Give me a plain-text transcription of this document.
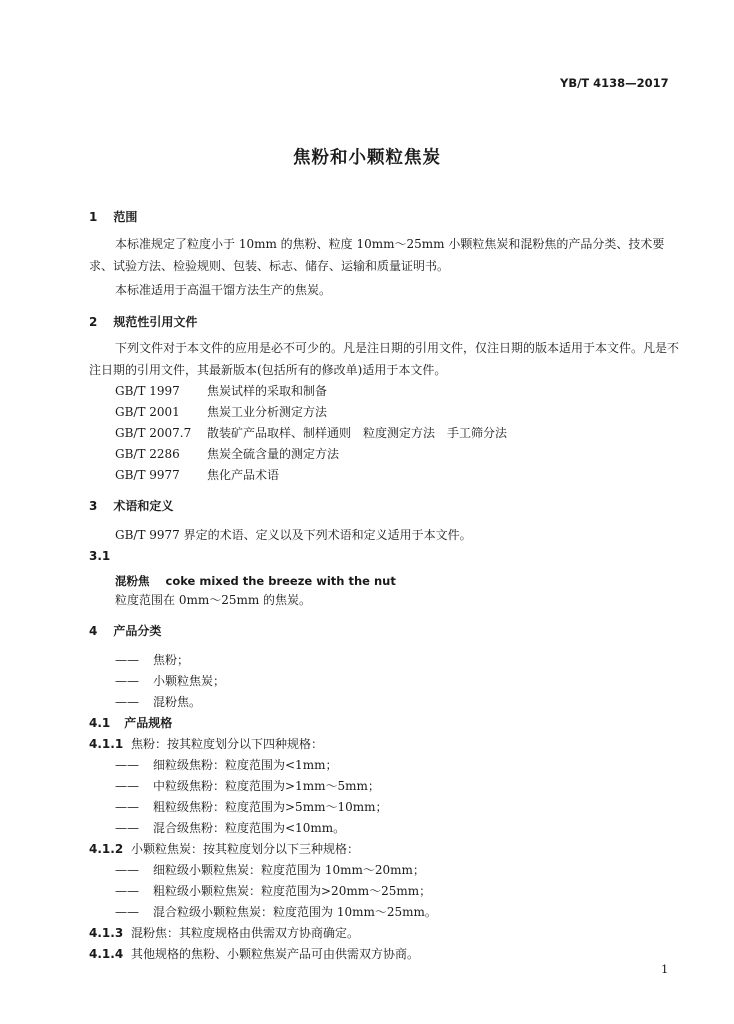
YB/T 4138—2017
焦粉和小颗粒焦炭
1 范围
本标准规定了粒度小于 10mm 的焦粉、粒度 10mm～25mm 小颗粒焦炭和混粉焦的产品分类、技术要求、试验方法、检验规则、包装、标志、储存、运输和质量证明书。
本标准适用于高温干馏方法生产的焦炭。
2 规范性引用文件
下列文件对于本文件的应用是必不可少的。凡是注日期的引用文件，仅注日期的版本适用于本文件。凡是不注日期的引用文件，其最新版本(包括所有的修改单)适用于本文件。
GB/T 1997 焦炭试样的采取和制备
GB/T 2001 焦炭工业分析测定方法
GB/T 2007.7 散装矿产品取样、制样通则　粒度测定方法　手工筛分法
GB/T 2286 焦炭全硫含量的测定方法
GB/T 9977 焦化产品术语
3 术语和定义
GB/T 9977 界定的术语、定义以及下列术语和定义适用于本文件。
3.1
混粉焦 coke mixed the breeze with the nut
粒度范围在 0mm～25mm 的焦炭。
4 产品分类
—— 焦粉；
—— 小颗粒焦炭；
—— 混粉焦。
4.1 产品规格
4.1.1 焦粉：按其粒度划分以下四种规格：
—— 细粒级焦粉：粒度范围为<1mm；
—— 中粒级焦粉：粒度范围为>1mm～5mm；
—— 粗粒级焦粉：粒度范围为>5mm～10mm；
—— 混合级焦粉：粒度范围为<10mm。
4.1.2 小颗粒焦炭：按其粒度划分以下三种规格：
—— 细粒级小颗粒焦炭：粒度范围为 10mm～20mm；
—— 粗粒级小颗粒焦炭：粒度范围为>20mm～25mm；
—— 混合粒级小颗粒焦炭：粒度范围为 10mm～25mm。
4.1.3 混粉焦：其粒度规格由供需双方协商确定。
4.1.4 其他规格的焦粉、小颗粒焦炭产品可由供需双方协商。
1
